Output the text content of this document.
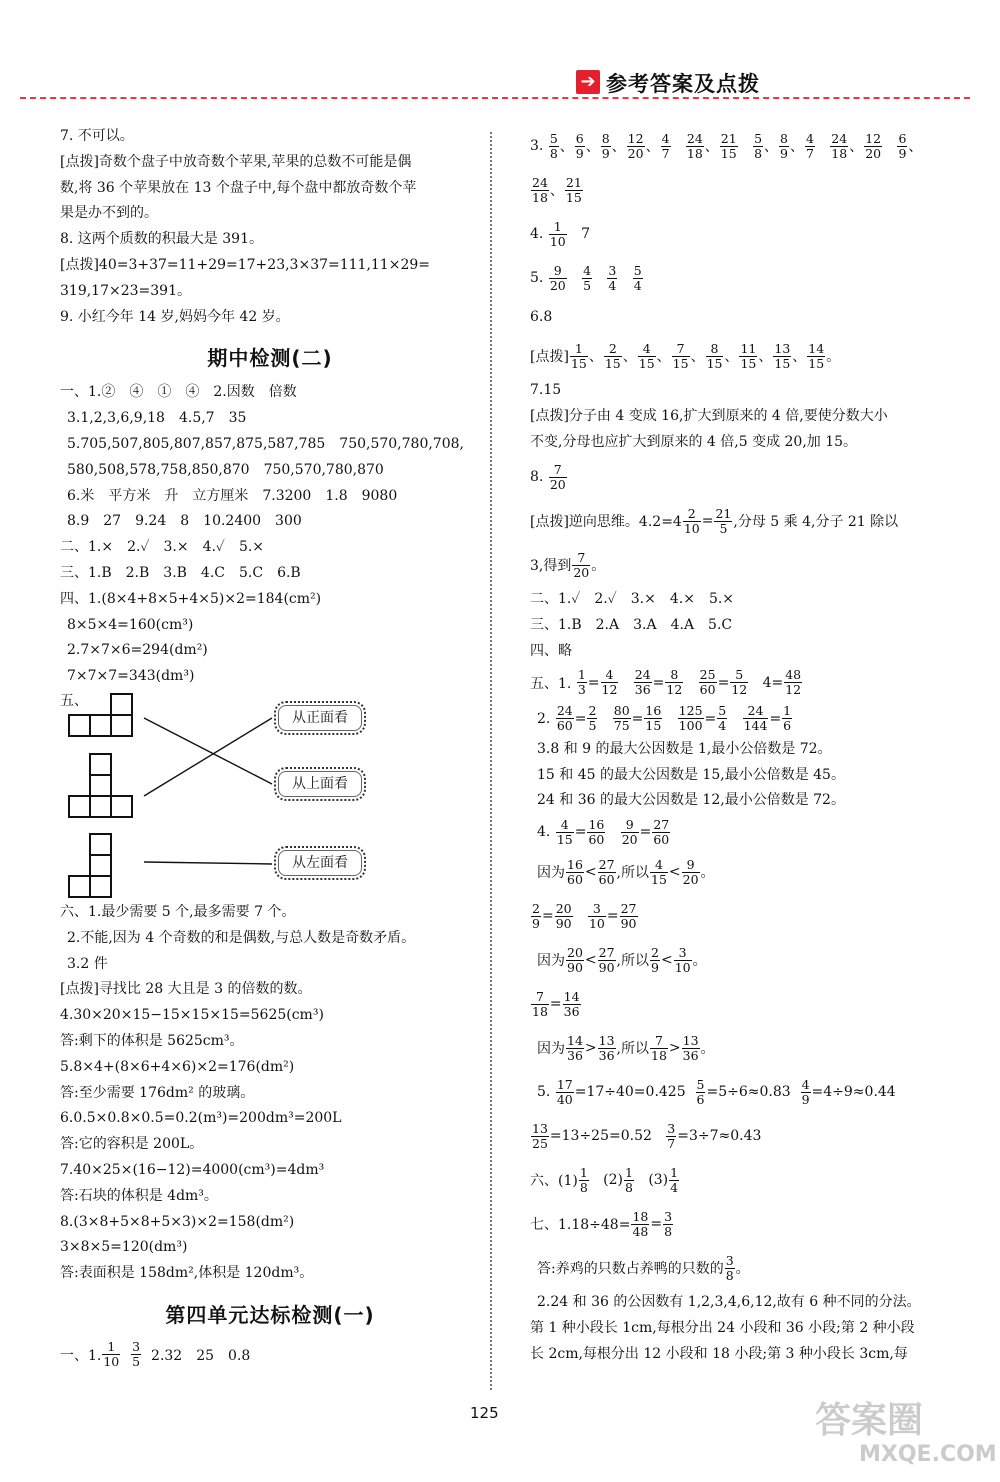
➔ 参考答案及点拨
7. 不可以。
[点拨]奇数个盘子中放奇数个苹果,苹果的总数不可能是偶
数,将 36 个苹果放在 13 个盘子中,每个盘中都放奇数个苹
果是办不到的。
8. 这两个质数的积最大是 391。
[点拨]40=3+37=11+29=17+23,3×37=111,11×29=
319,17×23=391。
9. 小红今年 14 岁,妈妈今年 42 岁。
期中检测(二)
一、1.②　④　①　④　2.因数　倍数
3.1,2,3,6,9,18　4.5,7　35
5.705,507,805,807,857,875,587,785　750,570,780,708,
580,508,578,758,850,870　750,570,780,870
6.米　平方米　升　立方厘米　7.3200　1.8　9080
8.9　27　9.24　8　10.2400　300
二、1.×　2.✓　3.×　4.✓　5.×
三、1.B　2.B　3.B　4.C　5.C　6.B
四、1.(8×4+8×5+4×5)×2=184(cm²)
8×5×4=160(cm³)
2.7×7×6=294(dm²)
7×7×7=343(dm³)
五、
从正面看
从上面看
从左面看
六、1.最少需要 5 个,最多需要 7 个。
2.不能,因为 4 个奇数的和是偶数,与总人数是奇数矛盾。
3.2 件
[点拨]寻找比 28 大且是 3 的倍数的数。
4.30×20×15−15×15×15=5625(cm³)
答:剩下的体积是 5625cm³。
5.8×4+(8×6+4×6)×2=176(dm²)
答:至少需要 176dm² 的玻璃。
6.0.5×0.8×0.5=0.2(m³)=200dm³=200L
答:它的容积是 200L。
7.40×25×(16−12)=4000(cm³)=4dm³
答:石块的体积是 4dm³。
8.(3×8+5×8+5×3)×2=158(dm²)
3×8×5=120(dm³)
答:表面积是 158dm²,体积是 120dm³。
第四单元达标检测(一)
一、1. $\frac{1}{10}$
$\frac{3}{5}$
2.32　25　0.8
3.
$\frac{5}{8}$ 、 $\frac{6}{9}$ 、 $\frac{8}{9}$ 、 $\frac{12}{20}$ 、 $\frac{4}{7}$
$\frac{24}{18}$ 、 $\frac{21}{15}$
$\frac{5}{8}$ 、 $\frac{8}{9}$ 、 $\frac{4}{7}$
$\frac{24}{18}$ 、 $\frac{12}{20}$
$\frac{6}{9}$ 、
$\frac{24}{18}$ 、 $\frac{21}{15}$
4.
$\frac{1}{10}$
7
5.
$\frac{9}{20}$
$\frac{4}{5}$
$\frac{3}{4}$
$\frac{5}{4}$
6.8
[点拨] $\frac{1}{15}$ 、 $\frac{2}{15}$ 、 $\frac{4}{15}$ 、 $\frac{7}{15}$ 、 $\frac{8}{15}$ 、 $\frac{11}{15}$ 、 $\frac{13}{15}$ 、 $\frac{14}{15}$ 。
7.15
[点拨]分子由 4 变成 16,扩大到原来的 4 倍,要使分数大小
不变,分母也应扩大到原来的 4 倍,5 变成 20,加 15。
8.
$\frac{7}{20}$
[点拨]逆向思维。$4.2=4 \frac{2}{10} = \frac{21}{5}$ ,分母 5 乘 4,分子 21 除以
3,得到 $\frac{7}{20}$ 。
二、1.✓　2.✓　3.×　4.×　5.×
三、1.B　2.A　3.A　4.A　5.C
四、略
五、1.
$\frac{1}{3} = \frac{4}{12}$
$\frac{24}{36} = \frac{8}{12}$
$\frac{25}{60} = \frac{5}{12} 4= \frac{48}{12}$
2.
$\frac{24}{60} = \frac{2}{5}$
$\frac{80}{75} = \frac{16}{15}$
$\frac{125}{100} = \frac{5}{4}$
$\frac{24}{144} = \frac{1}{6}$
3.8 和 9 的最大公因数是 1,最小公倍数是 72。
15 和 45 的最大公因数是 15,最小公倍数是 45。
24 和 36 的最大公因数是 12,最小公倍数是 72。
4.
$\frac{4}{15} = \frac{16}{60}$
$\frac{9}{20} = \frac{27}{60}$
因为 $\frac{16}{60} < \frac{27}{60}$ ,所以 $\frac{4}{15} < \frac{9}{20}$ 。
$\frac{2}{9} = \frac{20}{90}$
$\frac{3}{10} = \frac{27}{90}$
因为 $\frac{20}{90} < \frac{27}{90}$ ,所以 $\frac{2}{9} < \frac{3}{10}$ 。
$\frac{7}{18} = \frac{14}{36}$
因为 $\frac{14}{36} > \frac{13}{36}$ ,所以 $\frac{7}{18} > \frac{13}{36}$ 。
5.
$\frac{17}{40} =17\div 40=0.425$
$\frac{5}{6} =5\div 6\approx 0.83$
$\frac{4}{9} =4\div 9\approx 0.44$
$\frac{13}{25} =13\div 25=0.52$
$\frac{3}{7} =3\div 7\approx 0.43$
六、$(1) \frac{1}{8}$
$(2) \frac{1}{8}$
$(3) \frac{1}{4}$
七、$1.18\div 48= \frac{18}{48} = \frac{3}{8}$
答:养鸡的只数占养鸭的只数的 $\frac{3}{8}$ 。
2.24 和 36 的公因数有 1,2,3,4,6,12,故有 6 种不同的分法。
第 1 种小段长 1cm,每根分出 24 小段和 36 小段;第 2 种小段
长 2cm,每根分出 12 小段和 18 小段;第 3 种小段长 3cm,每
125	答案圈
MXQE.COM
